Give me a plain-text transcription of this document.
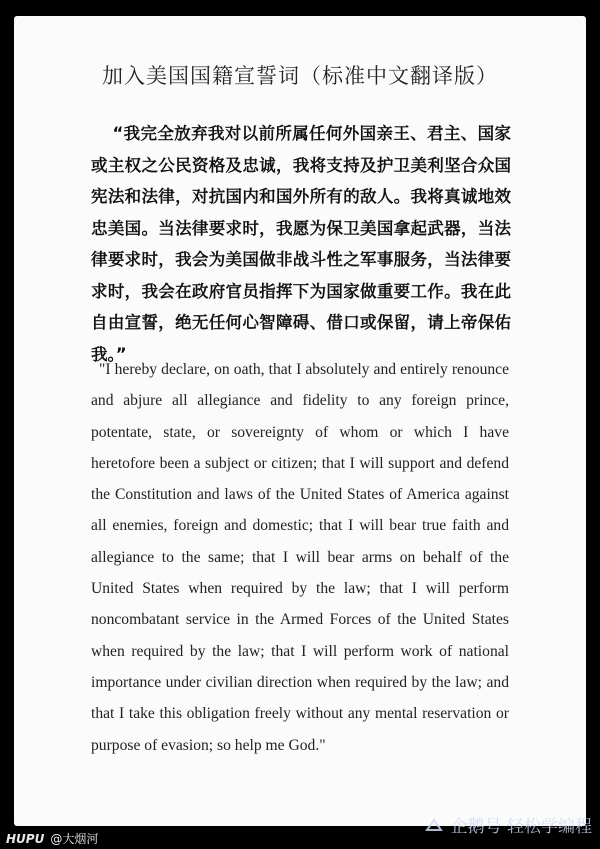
加入美国国籍宣誓词（标准中文翻译版）

“我完全放弃我对以前所属任何外国亲王、君主、国家或主权之公民资格及忠诚，我将支持及护卫美利坚合众国宪法和法律，对抗国内和国外所有的敌人。我将真诚地效忠美国。当法律要求时，我愿为保卫美国拿起武器，当法律要求时，我会为美国做非战斗性之军事服务，当法律要求时，我会在政府官员指挥下为国家做重要工作。我在此自由宣誓，绝无任何心智障碍、借口或保留，请上帝保佑我。”

"I hereby declare, on oath, that I absolutely and entirely renounce and abjure all allegiance and fidelity to any foreign prince, potentate, state, or sovereignty of whom or which I have heretofore been a subject or citizen; that I will support and defend the Constitution and laws of the United States of America against all enemies, foreign and domestic; that I will bear true faith and allegiance to the same; that I will bear arms on behalf of the United States when required by the law; that I will perform noncombatant service in the Armed Forces of the United States when required by the law; that I will perform work of national importance under civilian direction when required by the law; and that I take this obligation freely without any mental reservation or purpose of evasion; so help me God."

HUPU @大烟河
企鹅号 轻松学编程
